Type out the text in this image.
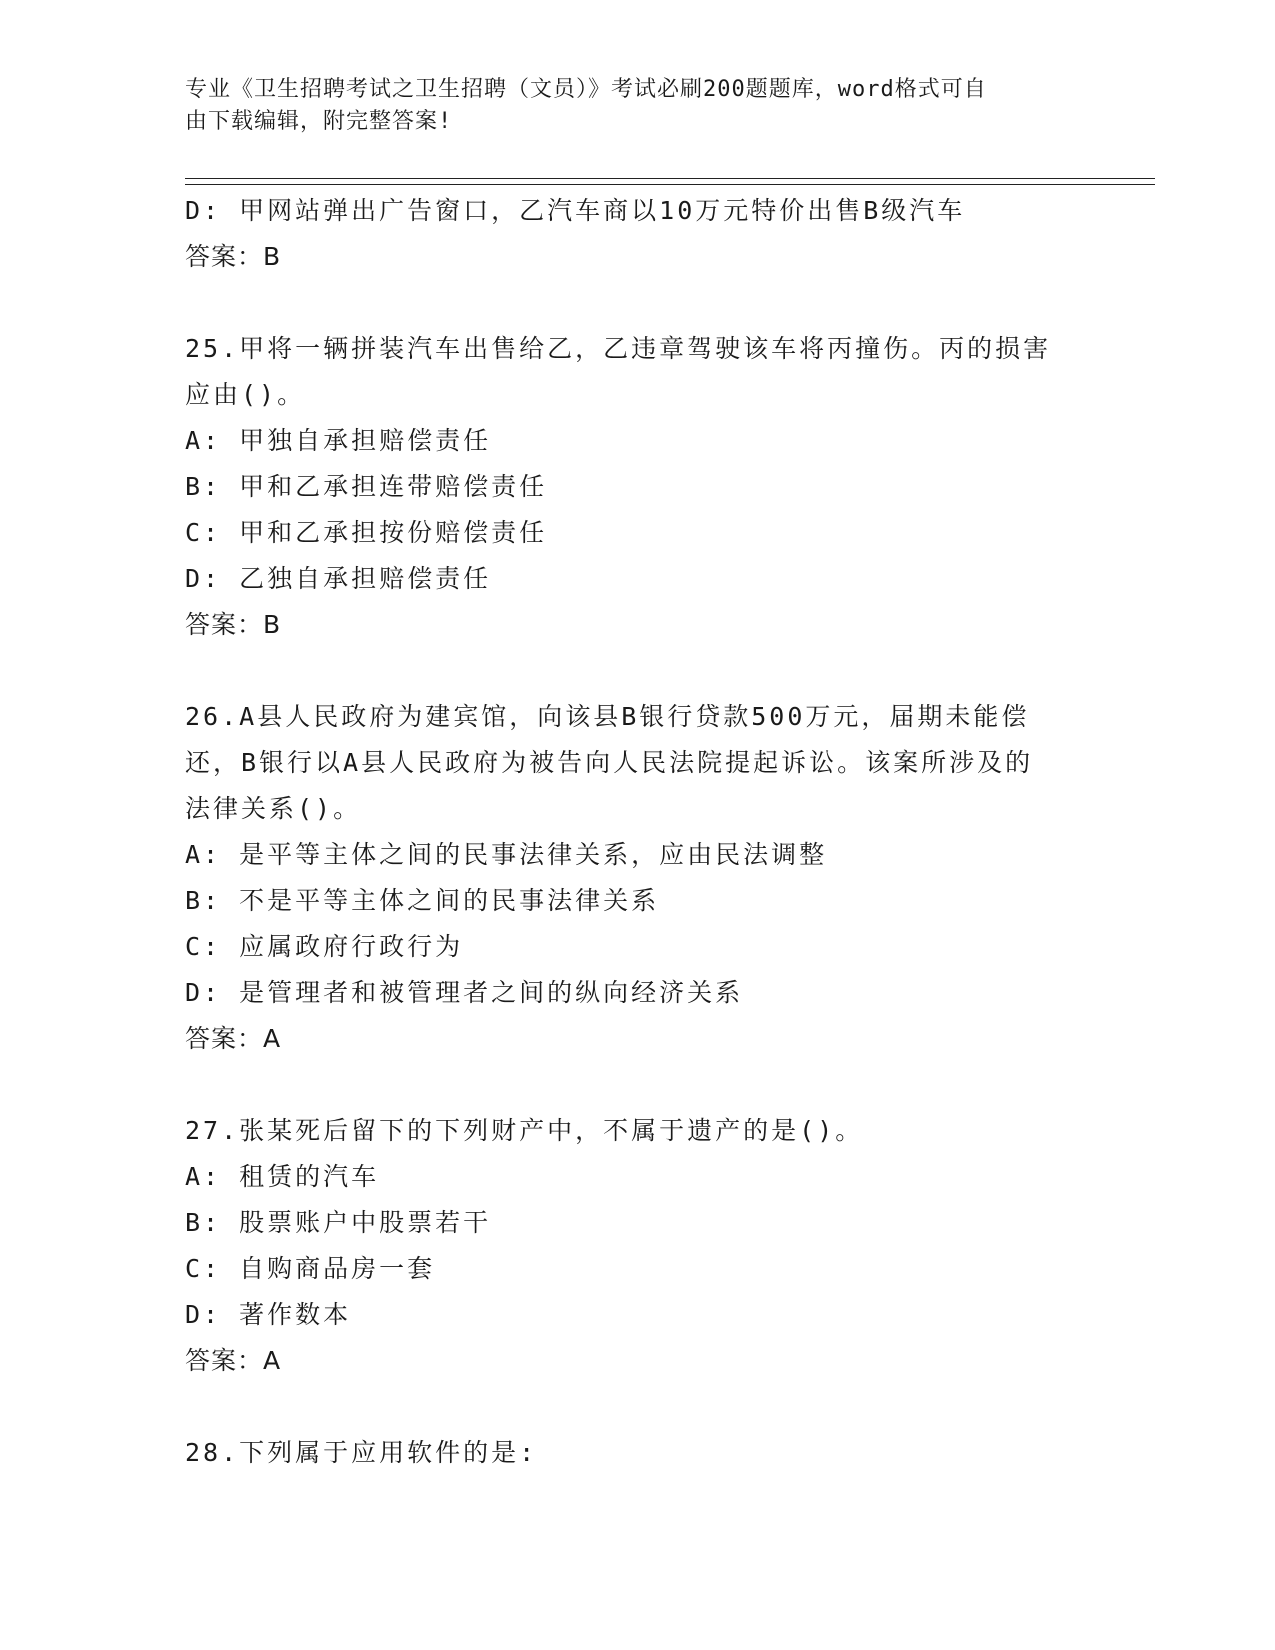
专业《卫生招聘考试之卫生招聘（文员）》考试必刷200题题库，word格式可自
由下载编辑，附完整答案!
D: 甲网站弹出广告窗口，乙汽车商以10万元特价出售B级汽车
答案：B
25.甲将一辆拼装汽车出售给乙，乙违章驾驶该车将丙撞伤。丙的损害
应由()。
A: 甲独自承担赔偿责任
B: 甲和乙承担连带赔偿责任
C: 甲和乙承担按份赔偿责任
D: 乙独自承担赔偿责任
答案：B
26.A县人民政府为建宾馆，向该县B银行贷款500万元，届期未能偿
还，B银行以A县人民政府为被告向人民法院提起诉讼。该案所涉及的
法律关系()。
A: 是平等主体之间的民事法律关系，应由民法调整
B: 不是平等主体之间的民事法律关系
C: 应属政府行政行为
D: 是管理者和被管理者之间的纵向经济关系
答案：A
27.张某死后留下的下列财产中，不属于遗产的是()。
A: 租赁的汽车
B: 股票账户中股票若干
C: 自购商品房一套
D: 著作数本
答案：A
28.下列属于应用软件的是:
